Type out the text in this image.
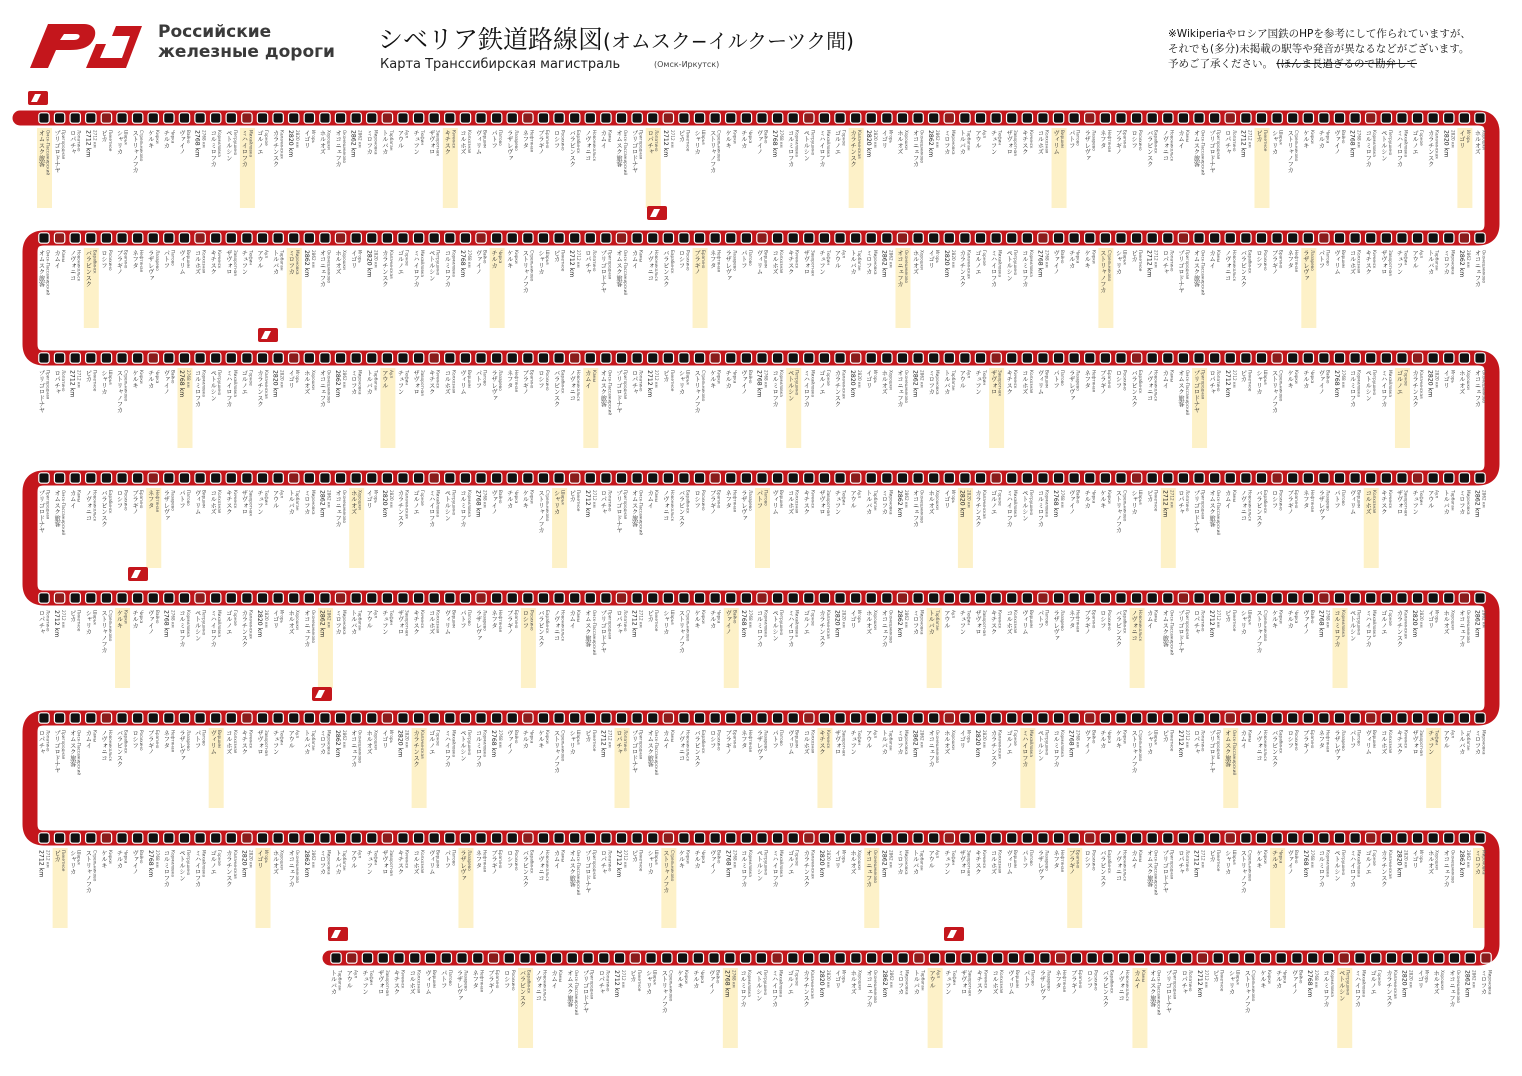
Российские
железные дороги シベリア鉄道路線図(オムスク−イルクーツク間)
Карта Транссибирская магистраль	(Омск-Иркутск)
※Wikiperiaやロシア国鉄のHPを参考にして作られていますが、
それでも(多分)未掲載の駅等や発音が異なるなどがございます。
予めご了承ください。 (ほんま長過ぎるので勘弁して
オムスク旅客 Омск-Пассажирский プリゴロドナヤ Пригородная ロパチャ Лопатино 2712 km 2712 км ピカ Пикетное シャリカ Шарья ストリャノフカ Стрельниково ケルキ Кирки チルカ Чирка ヴァイノ Вайно 2768 km 2768 км コルミロフカ Кормиловка ペトルシン Петрушино ミハイロフカ Михайловка ゴルノエ Горное カラチンスク Калачинская 2820 km 2820 км イゴリ Игорь ホルオズ Хорошки オコニェフカ Оконешниково 2862 km 2862 км ミロフカ Мироновка トルバカ Тарбаган アウル Аул チュフン Тюфин ザヴォロ Заворотная キチスク Кичинск コルホズ Колхозная ヴィリム Виршим パトフ Патово ラザレヴァ Лазарево ネフタ Нефтяная ブラギノ Брагино ロシフ Росихино バラビンスク Барабинск ノヴォニコ Новоникольск カムイ Камы オムスク旅客 Омск-Пассажирский プリゴロドナヤ Пригородная ロパチャ Лопатино 2712 km 2712 км ピカ Пикетное シャリカ Шарья ストリャノフカ Стрельниково ケルキ Кирки チルカ Чирка ヴァイノ Вайно 2768 km 2768 км コルミロフカ Кормиловка ペトルシン Петрушино ミハイロフカ Михайловка ゴルノエ Горное カラチンスク Калачинская 2820 km 2820 км イゴリ Игорь ホルオズ Хорошки オコニェフカ Оконешниково 2862 km 2862 км ミロフカ Мироновка トルバカ Тарбаган アウル Аул チュフン Тюфин ザヴォロ Заворотная キチスク Кичинск コルホズ Колхозная ヴィリム Виршим パトフ Патово ラザレヴァ Лазарево ネフタ Нефтяная ブラギノ Брагино ロシフ Росихино バラビンスク Барабинск ノヴォニコ Новоникольск カムイ Камы オムスク旅客 Омск-Пассажирский プリゴロドナヤ Пригородная ロパチャ Лопатино 2712 km 2712 км ピカ Пикетное シャリカ Шарья ストリャノフカ Стрельниково ケルキ Кирки チルカ Чирка ヴァイノ Вайно 2768 km 2768 км コルミロフカ Кормиловка ペトルシン Петрушино ミハイロフカ Михайловка ゴルノエ Горное カラチンスク Калачинская 2820 km 2820 км イゴリ Игорь ホルオズ Хорошки
オコニェフカ Оконешниково
2862 km 2862 км
ミロフカ Мироновка
トルバカ Тарбаган
アウル Аул
チュフン Тюфин
ザヴォロ Заворотная
キチスク Кичинск
コルホズ Колхозная
ヴィリム Виршим
パトフ Патово
ラザレヴァ Лазарево
ネフタ Нефтяная
ブラギノ Брагино
ロシフ Росихино
バラビンスク Барабинск
ノヴォニコ Новоникольск
カムイ Камы
オムスク旅客 Омск-Пассажирский
プリゴロドナヤ Пригородная
ロパチャ Лопатино
2712 km 2712 км
ピカ Пикетное
シャリカ Шарья
ストリャノフカ Стрельниково
ケルキ Кирки
チルカ Чирка
ヴァイノ Вайно
2768 km 2768 км
コルミロフカ Кормиловка
ペトルシン Петрушино
ミハイロフカ Михайловка
ゴルノエ Горное
カラチンスク Калачинская
2820 km 2820 км
イゴリ Игорь
ホルオズ Хорошки
オコニェフカ Оконешниково
2862 km 2862 км
ミロフカ Мироновка
トルバカ Тарбаган
アウル Аул
チュフン Тюфин
ザヴォロ Заворотная
キチスク Кичинск
コルホズ Колхозная
ヴィリム Виршим
パトフ Патово
ラザレヴァ Лазарево
ネフタ Нефтяная
ブラギノ Брагино
ロシフ Росихино
バラビンスク Барабинск
ノヴォニコ Новоникольск
カムイ Камы
オムスク旅客 Омск-Пассажирский
プリゴロドナヤ Пригородная
ロパチャ Лопатино
2712 km 2712 км
ピカ Пикетное
シャリカ Шарья
ストリャノフカ Стрельниково
ケルキ Кирки
チルカ Чирка
ヴァイノ Вайно
2768 km 2768 км
コルミロフカ Кормиловка
ペトルシン Петрушино
ミハイロフカ Михайловка
ゴルノエ Горное
カラチンスク Калачинская
2820 km 2820 км
イゴリ Игорь
ホルオズ Хорошки
オコニェフカ Оконешниково
2862 km 2862 км
ミロフカ Мироновка
トルバカ Тарбаган
アウル Аул
チュフン Тюфин
ザヴォロ Заворотная
キチスク Кичинск
コルホズ Колхозная
ヴィリム Виршим
パトフ Патово
ラザレヴァ Лазарево
ネフタ Нефтяная
ブラギノ Брагино
ロシフ Росихино
バラビンスク Барабинск
ノヴォニコ Новоникольск
カムイ Камы
オムスク旅客 Омск-Пассажирский
プリゴロドナヤ Пригородная ロパチャ Лопатино 2712 km 2712 км ピカ Пикетное シャリカ Шарья ストリャノフカ Стрельниково ケルキ Кирки チルカ Чирка ヴァイノ Вайно 2768 km 2768 км コルミロフカ Кормиловка ペトルシン Петрушино ミハイロフカ Михайловка ゴルノエ Горное カラチンスク Калачинская 2820 km 2820 км イゴリ Игорь ホルオズ Хорошки オコニェフカ Оконешниково 2862 km 2862 км ミロフカ Мироновка トルバカ Тарбаган アウル Аул チュフン Тюфин ザヴォロ Заворотная キチスク Кичинск コルホズ Колхозная ヴィリム Виршим パトフ Патово ラザレヴァ Лазарево ネフタ Нефтяная ブラギノ Брагино ロシフ Росихино バラビンスク Барабинск ノヴォニコ Новоникольск カムイ Камы オムスク旅客 Омск-Пассажирский プリゴロドナヤ Пригородная ロパチャ Лопатино 2712 km 2712 км ピカ Пикетное シャリカ Шарья ストリャノフカ Стрельниково ケルキ Кирки チルカ Чирка ヴァイノ Вайно 2768 km 2768 км コルミロフカ Кормиловка ペトルシン Петрушино ミハイロフカ Михайловка ゴルノエ Горное カラチンスク Калачинская 2820 km 2820 км イゴリ Игорь ホルオズ Хорошки オコニェフカ Оконешниково 2862 km 2862 км ミロフカ Мироновка トルバカ Тарбаган アウル Аул チュフン Тюфин ザヴォロ Заворотная キチスク Кичинск コルホズ Колхозная ヴィリム Виршим パトフ Патово ラザレヴァ Лазарево ネフタ Нефтяная ブラギノ Брагино ロシフ Росихино バラビンスク Барабинск ノヴォニコ Новоникольск カムイ Камы オムスク旅客 Омск-Пассажирский プリゴロドナヤ Пригородная ロパチャ Лопатино 2712 km 2712 км ピカ Пикетное シャリカ Шарья ストリャノフカ Стрельниково ケルキ Кирки チルカ Чирка ヴァイノ Вайно 2768 km 2768 км コルミロフカ Кормиловка ペトルシン Петрушино ミハイロフカ Михайловка ゴルノエ Горное カラチンスク Калачинская 2820 km 2820 км イゴリ Игорь ホルオズ Хорошки オコニェフカ Оконешниково
2862 km 2862 км
ミロフカ Мироновка
トルバカ Тарбаган
アウル Аул
チュフン Тюфин
ザヴォロ Заворотная
キチスク Кичинск
コルホズ Колхозная
ヴィリム Виршим
パトフ Патово
ラザレヴァ Лазарево
ネフタ Нефтяная
ブラギノ Брагино
ロシフ Росихино
バラビンスク Барабинск
ノヴォニコ Новоникольск
カムイ Камы
オムスク旅客 Омск-Пассажирский
プリゴロドナヤ Пригородная
ロパチャ Лопатино
2712 km 2712 км
ピカ Пикетное
シャリカ Шарья
ストリャノフカ Стрельниково
ケルキ Кирки
チルカ Чирка
ヴァイノ Вайно
2768 km 2768 км
コルミロフカ Кормиловка
ペトルシン Петрушино
ミハイロフカ Михайловка
ゴルノエ Горное
カラチンスク Калачинская
2820 km 2820 км
イゴリ Игорь
ホルオズ Хорошки
オコニェフカ Оконешниково
2862 km 2862 км
ミロフカ Мироновка
トルバカ Тарбаган
アウル Аул
チュフン Тюфин
ザヴォロ Заворотная
キチスク Кичинск
コルホズ Колхозная
ヴィリム Виршим
パトフ Патово
ラザレヴァ Лазарево
ネフタ Нефтяная
ブラギノ Брагино
ロシフ Росихино
バラビンスク Барабинск
ノヴォニコ Новоникольск
カムイ Камы
オムスク旅客 Омск-Пассажирский
プリゴロドナヤ Пригородная
ロパチャ Лопатино
2712 km 2712 км
ピカ Пикетное
シャリカ Шарья
ストリャノフカ Стрельниково
ケルキ Кирки
チルカ Чирка
ヴァイノ Вайно
2768 km 2768 км
コルミロフカ Кормиловка
ペトルシン Петрушино
ミハイロフカ Михайловка
ゴルノエ Горное
カラチンスク Калачинская
2820 km 2820 км
イゴリ Игорь
ホルオズ Хорошки
オコニェフカ Оконешниково
2862 km 2862 км
ミロフカ Мироновка
トルバカ Тарбаган
アウル Аул
チュフン Тюфин
ザヴォロ Заворотная
キチスク Кичинск
コルホズ Колхозная
ヴィリム Виршим
パトフ Патово
ラザレヴァ Лазарево
ネフタ Нефтяная
ブラギノ Брагино
ロシフ Росихино
バラビンスク Барабинск
ノヴォニコ Новоникольск
カムイ Камы
オムスク旅客 Омск-Пассажирский
プリゴロドナヤ Пригородная
ロパチャ Лопатино 2712 km 2712 км ピカ Пикетное シャリカ Шарья ストリャノフカ Стрельниково ケルキ Кирки チルカ Чирка ヴァイノ Вайно 2768 km 2768 км コルミロフカ Кормиловка ペトルシン Петрушино ミハイロフカ Михайловка ゴルノエ Горное カラチンスク Калачинская 2820 km 2820 км イゴリ Игорь ホルオズ Хорошки オコニェフカ Оконешниково 2862 km 2862 км ミロフカ Мироновка トルバカ Тарбаган アウル Аул チュフン Тюфин ザヴォロ Заворотная キチスク Кичинск コルホズ Колхозная ヴィリム Виршим パトフ Патово ラザレヴァ Лазарево ネフタ Нефтяная ブラギノ Брагино ロシフ Росихино バラビンスク Барабинск ノヴォニコ Новоникольск カムイ Камы オムスク旅客 Омск-Пассажирский プリゴロドナヤ Пригородная ロパチャ Лопатино 2712 km 2712 км ピカ Пикетное シャリカ Шарья ストリャノフカ Стрельниково ケルキ Кирки チルカ Чирка ヴァイノ Вайно 2768 km 2768 км コルミロフカ Кормиловка ペトルシン Петрушино ミハイロフカ Михайловка ゴルノエ Горное カラチンスク Калачинская 2820 km 2820 км イゴリ Игорь ホルオズ Хорошки オコニェフカ Оконешниково 2862 km 2862 км ミロフカ Мироновка トルバカ Тарбаган アウル Аул チュフン Тюфин ザヴォロ Заворотная キチスク Кичинск コルホズ Колхозная ヴィリム Виршим パトフ Патово ラザレヴァ Лазарево ネフタ Нефтяная ブラギノ Брагино ロシフ Росихино バラビンスク Барабинск ノヴォニコ Новоникольск カムイ Камы オムスク旅客 Омск-Пассажирский プリゴロドナヤ Пригородная ロパチャ Лопатино 2712 km 2712 км ピカ Пикетное シャリカ Шарья ストリャノフカ Стрельниково ケルキ Кирки チルカ Чирка ヴァイノ Вайно 2768 km 2768 км コルミロフカ Кормиловка ペトルシン Петрушино ミハイロフカ Михайловка ゴルノエ Горное カラチンスク Калачинская 2820 km 2820 км イゴリ Игорь ホルオズ Хорошки オコニェフカ Оконешниково 2862 km 2862 км
ミロフカ Мироновка
トルバカ Тарбаган
アウル Аул
チュフン Тюфин
ザヴォロ Заворотная
キチスク Кичинск
コルホズ Колхозная
ヴィリム Виршим
パトフ Патово
ラザレヴァ Лазарево
ネフタ Нефтяная
ブラギノ Брагино
ロシフ Росихино
バラビンスク Барабинск
ノヴォニコ Новоникольск
カムイ Камы
オムスク旅客 Омск-Пассажирский
プリゴロドナヤ Пригородная
ロパチャ Лопатино
2712 km 2712 км
ピカ Пикетное
シャリカ Шарья
ストリャノフカ Стрельниково
ケルキ Кирки
チルカ Чирка
ヴァイノ Вайно
2768 km 2768 км
コルミロフカ Кормиловка
ペトルシン Петрушино
ミハイロフカ Михайловка
ゴルノエ Горное
カラチンスク Калачинская
2820 km 2820 км
イゴリ Игорь
ホルオズ Хорошки
オコニェフカ Оконешниково
2862 km 2862 км
ミロフカ Мироновка
トルバカ Тарбаган
アウル Аул
チュフン Тюфин
ザヴォロ Заворотная
キチスク Кичинск
コルホズ Колхозная
ヴィリム Виршим
パトフ Патово
ラザレヴァ Лазарево
ネフタ Нефтяная
ブラギノ Брагино
ロシフ Росихино
バラビンスク Барабинск
ノヴォニコ Новоникольск
カムイ Камы
オムスク旅客 Омск-Пассажирский
プリゴロドナヤ Пригородная
ロパチャ Лопатино
2712 km 2712 км
ピカ Пикетное
シャリカ Шарья
ストリャノフカ Стрельниково
ケルキ Кирки
チルカ Чирка
ヴァイノ Вайно
2768 km 2768 км
コルミロフカ Кормиловка
ペトルシン Петрушино
ミハイロフカ Михайловка
ゴルノエ Горное
カラチンスク Калачинская
2820 km 2820 км
イゴリ Игорь
ホルオズ Хорошки
オコニェフカ Оконешниково
2862 km 2862 км
ミロフカ Мироновка
トルバカ Тарбаган
アウル Аул
チュフン Тюфин
ザヴォロ Заворотная
キチスク Кичинск
コルホズ Колхозная
ヴィリム Виршим
パトフ Патово
ラザレヴァ Лазарево
ネフタ Нефтяная
ブラギノ Брагино
ロシフ Росихино
バラビンスク Барабинск
ノヴォニコ Новоникольск
カムイ Камы
オムスク旅客 Омск-Пассажирский
プリゴロドナヤ Пригородная
ロパチャ Лопатино
2712 km 2712 км ピカ Пикетное シャリカ Шарья ストリャノフカ Стрельниково ケルキ Кирки チルカ Чирка ヴァイノ Вайно 2768 km 2768 км コルミロフカ Кормиловка ペトルシン Петрушино ミハイロフカ Михайловка ゴルノエ Горное カラチンスク Калачинская 2820 km 2820 км イゴリ Игорь ホルオズ Хорошки オコニェフカ Оконешниково 2862 km 2862 км ミロフカ Мироновка トルバカ Тарбаган アウル Аул チュフン Тюфин ザヴォロ Заворотная キチスク Кичинск コルホズ Колхозная ヴィリム Виршим パトフ Патово ラザレヴァ Лазарево ネフタ Нефтяная ブラギノ Брагино ロシフ Росихино バラビンスク Барабинск ノヴォニコ Новоникольск カムイ Камы オムスク旅客 Омск-Пассажирский プリゴロドナヤ Пригородная ロパチャ Лопатино 2712 km 2712 км ピカ Пикетное シャリカ Шарья ストリャノフカ Стрельниково ケルキ Кирки チルカ Чирка ヴァイノ Вайно 2768 km 2768 км コルミロフカ Кормиловка ペトルシン Петрушино ミハイロフカ Михайловка ゴルノエ Горное カラチンスク Калачинская 2820 km 2820 км イゴリ Игорь ホルオズ Хорошки オコニェフカ Оконешниково 2862 km 2862 км ミロフカ Мироновка トルバカ Тарбаган アウル Аул チュフン Тюфин ザヴォロ Заворотная キチスク Кичинск コルホズ Колхозная ヴィリム Виршим パトフ Патово ラザレヴァ Лазарево ネフタ Нефтяная ブラギノ Брагино ロシフ Росихино バラビンスク Барабинск ノヴォニコ Новоникольск カムイ Камы オムスク旅客 Омск-Пассажирский プリゴロドナヤ Пригородная ロパチャ Лопатино 2712 km 2712 км ピカ Пикетное シャリカ Шарья ストリャノフカ Стрельниково ケルキ Кирки チルカ Чирка ヴァイノ Вайно 2768 km 2768 км コルミロフカ Кормиловка ペトルシン Петрушино ミハイロフカ Михайловка ゴルノエ Горное カラチンスク Калачинская 2820 km 2820 км イゴリ Игорь ホルオズ Хорошки オコニェフカ Оконешниково 2862 km 2862 км ミロフカ Мироновка
トルバカ Тарбаган アウル Аул チュフン Тюфин ザヴォロ Заворотная キチスク Кичинск コルホズ Колхозная ヴィリム Виршим パトフ Патово ラザレヴァ Лазарево ネフタ Нефтяная ブラギノ Брагино ロシフ Росихино バラビンスク Барабинск ノヴォニコ Новоникольск カムイ Камы オムスク旅客 Омск-Пассажирский プリゴロドナヤ Пригородная ロパチャ Лопатино 2712 km 2712 км ピカ Пикетное シャリカ Шарья ストリャノフカ Стрельниково ケルキ Кирки チルカ Чирка ヴァイノ Вайно 2768 km 2768 км コルミロフカ Кормиловка ペトルシン Петрушино ミハイロフカ Михайловка ゴルノエ Горное カラチンスク Калачинская 2820 km 2820 км イゴリ Игорь ホルオズ Хорошки オコニェフカ Оконешниково 2862 km 2862 км ミロフカ Мироновка トルバカ Тарбаган アウル Аул チュフン Тюфин ザヴォロ Заворотная キチスク Кичинск コルホズ Колхозная ヴィリム Виршим パトフ Патово ラザレヴァ Лазарево ネフタ Нефтяная ブラギノ Брагино ロシフ Росихино バラビンスク Барабинск ノヴォニコ Новоникольск カムイ Камы オムスク旅客 Омск-Пассажирский プリゴロドナヤ Пригородная ロパチャ Лопатино 2712 km 2712 км ピカ Пикетное シャリカ Шарья ストリャノフカ Стрельниково ケルキ Кирки チルカ Чирка ヴァイノ Вайно 2768 km 2768 км コルミロフカ Кормиловка ペトルシン Петрушино ミハイロフカ Михайловка ゴルノエ Горное カラチンスク Калачинская 2820 km 2820 км イゴリ Игорь ホルオズ Хорошки オコニェフカ Оконешниково 2862 km 2862 км ミロフカ Мироновка
